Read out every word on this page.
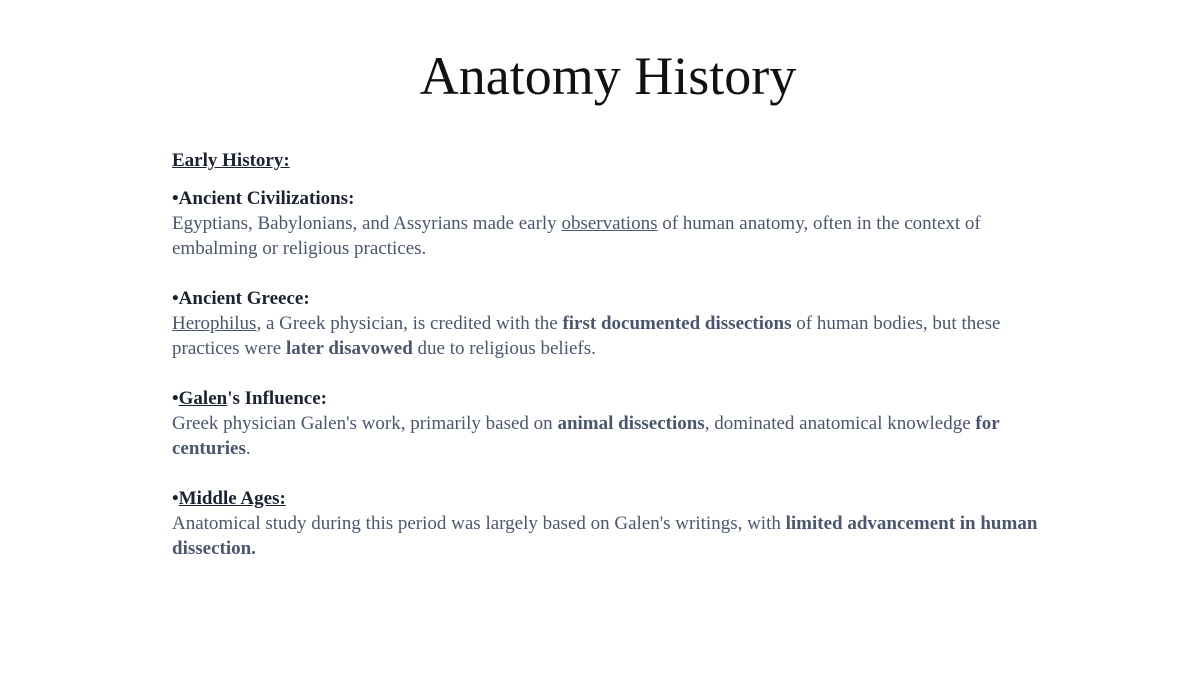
Anatomy History

Early History:

•Ancient Civilizations:

Egyptians, Babylonians, and Assyrians made early observations of human anatomy, often in the context of embalming or religious practices.

•Ancient Greece:

Herophilus, a Greek physician, is credited with the first documented dissections of human bodies, but these practices were later disavowed due to religious beliefs.

•Galen's Influence:

Greek physician Galen's work, primarily based on animal dissections, dominated anatomical knowledge for centuries.

•Middle Ages:

Anatomical study during this period was largely based on Galen's writings, with limited advancement in human dissection.
